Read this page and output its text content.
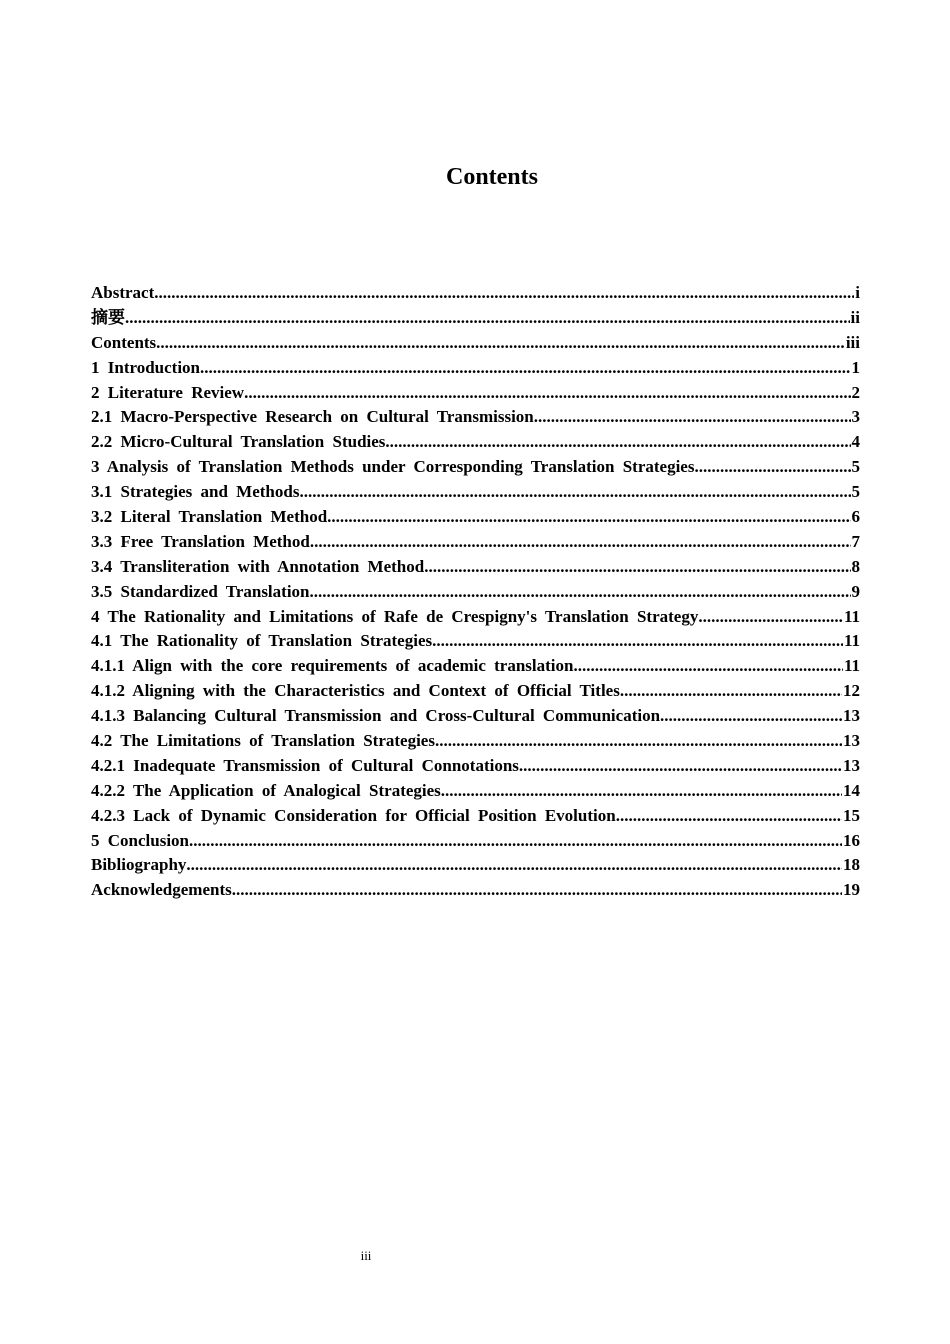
Contents
Abstract .....	i
摘要 .....	ii
Contents .....	iii
1 Introduction .....	1
2 Literature Review .....	2
2.1 Macro-Perspective Research on Cultural Transmission .....	3
2.2 Micro-Cultural Translation Studies .....	4
3 Analysis of Translation Methods under Corresponding Translation Strategies .....	5
3.1 Strategies and Methods .....	5
3.2 Literal Translation Method .....	6
3.3 Free Translation Method .....	7
3.4 Transliteration with Annotation Method .....	8
3.5 Standardized Translation .....	9
4 The Rationality and Limitations of Rafe de Crespigny's Translation Strategy .....	11
4.1 The Rationality of Translation Strategies .....	11
4.1.1 Align with the core requirements of academic translation .....	11
4.1.2 Aligning with the Characteristics and Context of Official Titles .....	12
4.1.3 Balancing Cultural Transmission and Cross-Cultural Communication .....	13
4.2 The Limitations of Translation Strategies .....	13
4.2.1 Inadequate Transmission of Cultural Connotations .....	13
4.2.2 The Application of Analogical Strategies .....	14
4.2.3 Lack of Dynamic Consideration for Official Position Evolution .....	15
5 Conclusion .....	16
Bibliography .....	18
Acknowledgements .....	19
iii
